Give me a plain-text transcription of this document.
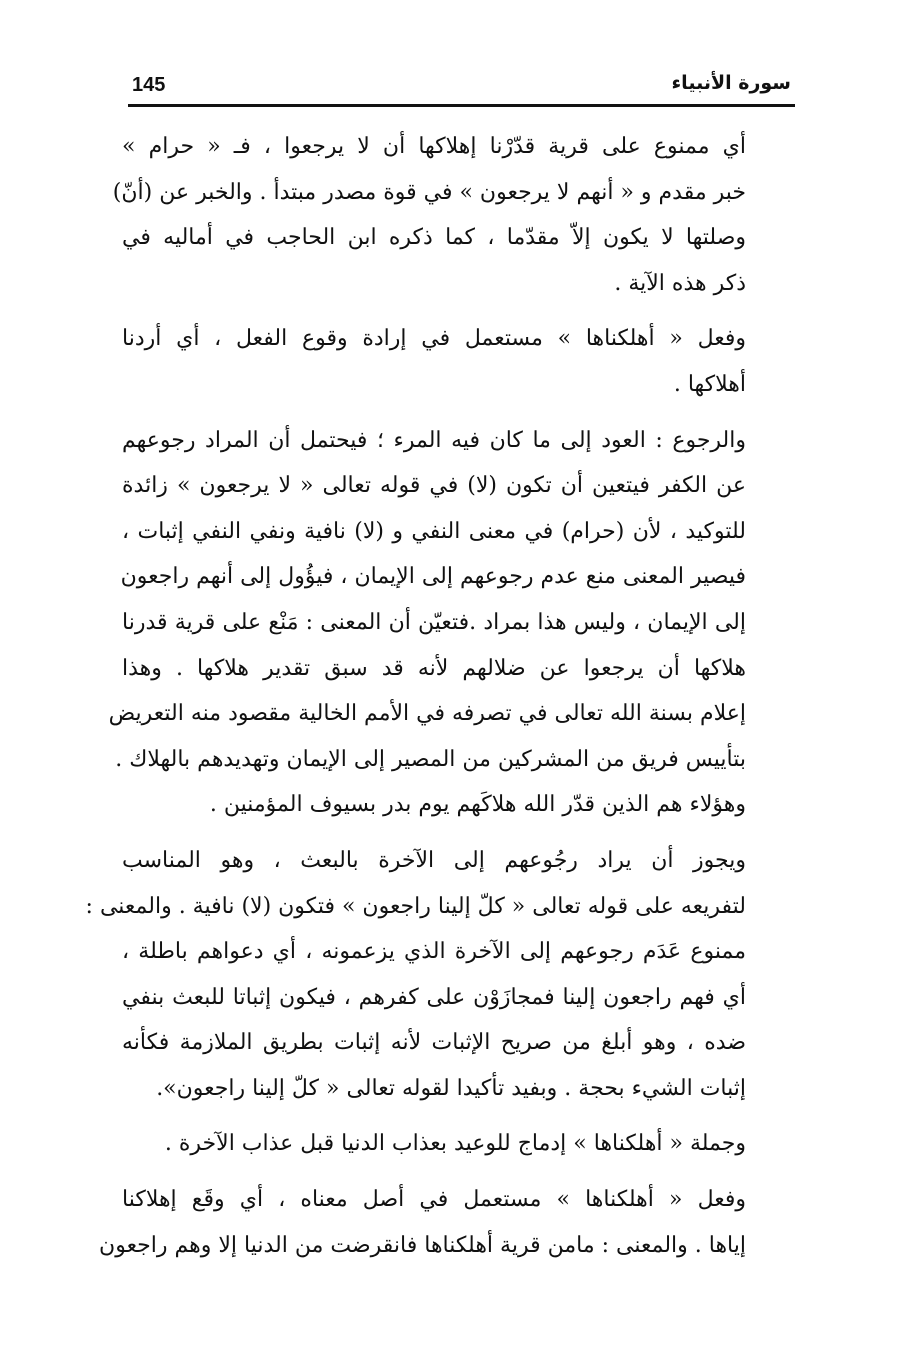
145	سورة الأنبياء
أي ممنوع على قرية قدّرْنا إهلاكها أن لا يرجعوا ، فـ « حرام »
خبر مقدم و « أنهم لا يرجعون » في قوة مصدر مبتدأ . والخبر عن (أنّ)
وصلتها لا يكون إلاّ مقدّما ، كما ذكره ابن الحاجب في أماليه في
ذكر هذه الآية .
وفعل « أهلكناها » مستعمل في إرادة وقوع الفعل ، أي أردنا
أهلاكها .
والرجوع : العود إلى ما كان فيه المرء ؛ فيحتمل أن المراد رجوعهم
عن الكفر فيتعين أن تكون (لا) في قوله تعالى « لا يرجعون » زائدة
للتوكيد ، لأن (حرام) في معنى النفي و (لا) نافية ونفي النفي إثبات ،
فيصير المعنى منع عدم رجوعهم إلى الإيمان ، فيؤُول إلى أنهم راجعون
إلى الإيمان ، وليس هذا بمراد .فتعيّن أن المعنى : مَنْع على قرية قدرنا
هلاكها أن يرجعوا عن ضلالهم لأنه قد سبق تقدير هلاكها . وهذا
إعلام بسنة الله تعالى في تصرفه في الأمم الخالية مقصود منه التعريض
بتأييس فريق من المشركين من المصير إلى الإيمان وتهديدهم بالهلاك .
وهؤلاء هم الذين قدّر الله هلاكَهم يوم بدر بسيوف المؤمنين .
ويجوز أن يراد رجُوعهم إلى الآخرة بالبعث ، وهو المناسب
لتفريعه على قوله تعالى « كلّ إلينا راجعون » فتكون (لا) نافية . والمعنى :
ممنوع عَدَم رجوعهم إلى الآخرة الذي يزعمونه ، أي دعواهم باطلة ،
أي فهم راجعون إلينا فمجازَوْن على كفرهم ، فيكون إثباتا للبعث بنفي
ضده ، وهو أبلغ من صريح الإثبات لأنه إثبات بطريق الملازمة فكأنه
إثبات الشيء بحجة . وبفيد تأكيدا لقوله تعالى « كلّ إلينا راجعون».
وجملة « أهلكناها » إدماج للوعيد بعذاب الدنيا قبل عذاب الآخرة .
وفعل « أهلكناها » مستعمل في أصل معناه ، أي وقَع إهلاكنا
إياها . والمعنى : مامن قرية أهلكناها فانقرضت من الدنيا إلا وهم راجعون
